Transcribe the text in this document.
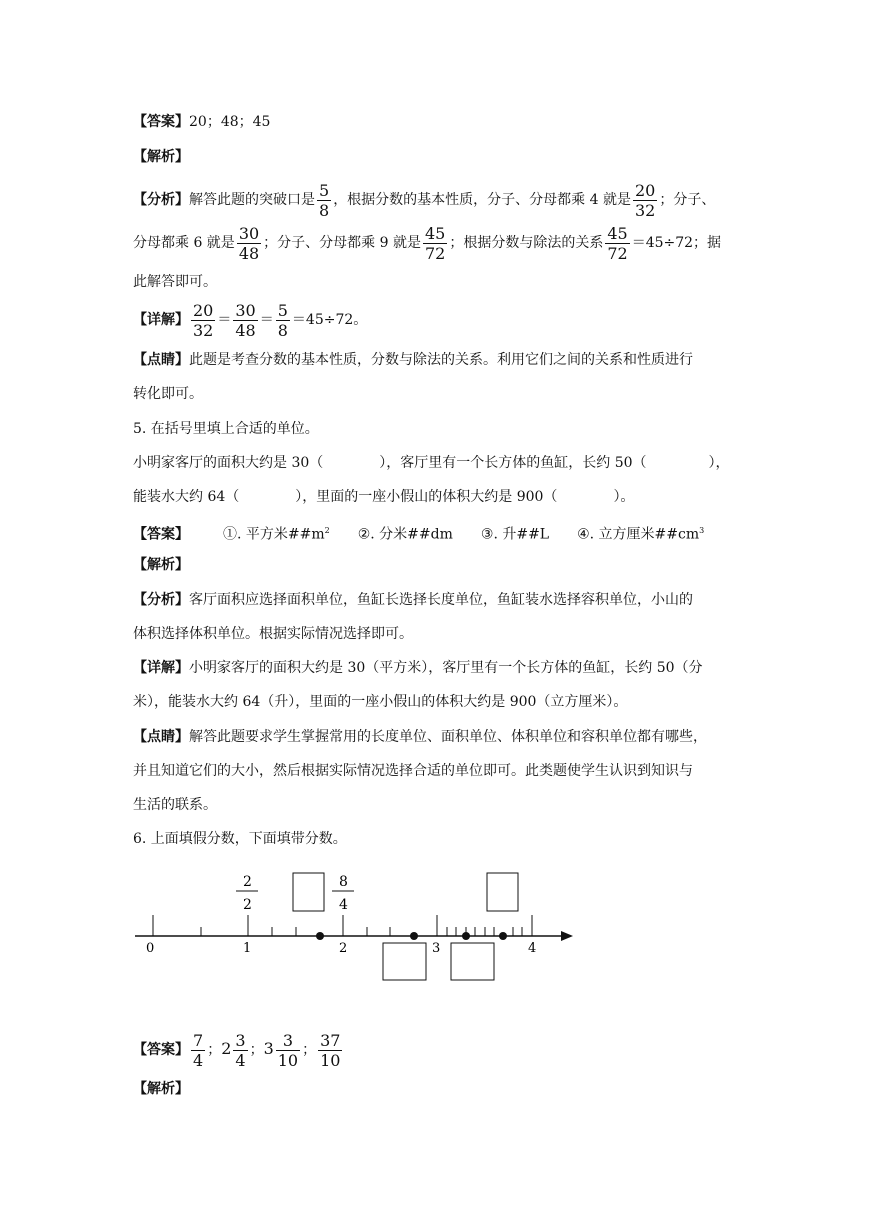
【答案】20；48；45
【解析】
【分析】解答此题的突破口是 $\frac{5}{8}$ ，根据分数的基本性质，分子、分母都乘 4 就是 $\frac{20}{32}$ ；分子、
分母都乘 6 就是 $\frac{30}{48}$ ；分子、分母都乘 9 就是 $\frac{45}{72}$ ；根据分数与除法的关系 $\frac{45}{72} =45\div 72$；据
此解答即可。
【详解】 $\frac{20}{32} = \frac{30}{48} = \frac{5}{8} =45\div 72$。
【点睛】此题是考查分数的基本性质，分数与除法的关系。利用它们之间的关系和性质进行
转化即可。
5. 在括号里填上合适的单位。
小明家客厅的面积大约是 30（	），客厅里有一个长方体的鱼缸，长约 50（	），
能装水大约 64（	），里面的一座小假山的体积大约是 900（	）。
【答案】 ①. 平方米$\#\#m^2$ ②. 分米##dm ③. 升##L ④. 立方厘米$\#\#cm^3$
【解析】
【分析】客厅面积应选择面积单位，鱼缸长选择长度单位，鱼缸装水选择容积单位，小山的
体积选择体积单位。根据实际情况选择即可。
【详解】小明家客厅的面积大约是 30（平方米），客厅里有一个长方体的鱼缸，长约 50（分
米），能装水大约 64（升），里面的一座小假山的体积大约是 900（立方厘米）。
【点睛】解答此题要求学生掌握常用的长度单位、面积单位、体积单位和容积单位都有哪些，
并且知道它们的大小，然后根据实际情况选择合适的单位即可。此类题使学生认识到知识与
生活的联系。
6. 上面填假分数，下面填带分数。
0	1	2	3	4
2
2
8
4
【答案】 $\frac{7}{4}$ ；$2 \frac{3}{4}$ ；$3 \frac{3}{10}$ ； $\frac{37}{10}$
【解析】
